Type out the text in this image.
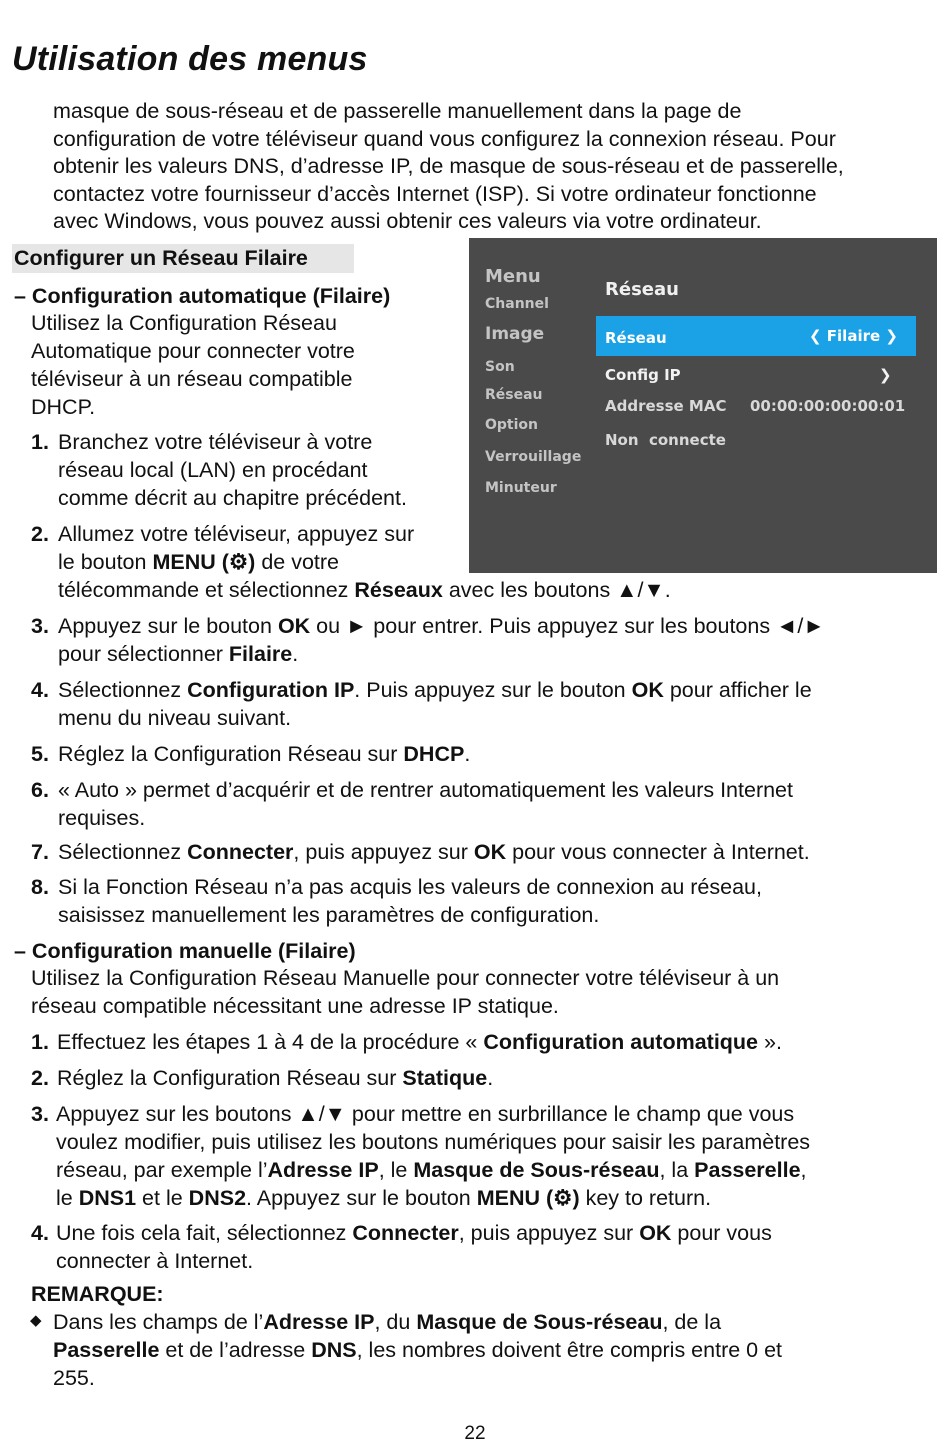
Utilisation des menus

masque de sous-réseau et de passerelle manuellement dans la page de

configuration de votre téléviseur quand vous configurez la connexion réseau. Pour

obtenir les valeurs DNS, d’adresse IP, de masque de sous-réseau et de passerelle,

contactez votre fournisseur d’accès Internet (ISP). Si votre ordinateur fonctionne

avec Windows, vous pouvez aussi obtenir ces valeurs via votre ordinateur.

Configurer un Réseau Filaire
– Configuration automatique (Filaire)
Utilisez la Configuration Réseau
Automatique pour connecter votre
téléviseur à un réseau compatible
DHCP.
1. Branchez votre téléviseur à votre
réseau local (LAN) en procédant
comme décrit au chapitre précédent.
2. Allumez votre téléviseur, appuyez sur
le bouton MENU (⚙) de votre
télécommande et sélectionnez Réseaux avec les boutons ▲/▼.
3. Appuyez sur le bouton OK ou ► pour entrer. Puis appuyez sur les boutons ◄/►
pour sélectionner Filaire.
4. Sélectionnez Configuration IP. Puis appuyez sur le bouton OK pour afficher le
menu du niveau suivant.
5. Réglez la Configuration Réseau sur DHCP.
6. « Auto » permet d’acquérir et de rentrer automatiquement les valeurs Internet
requises.
7. Sélectionnez Connecter, puis appuyez sur OK pour vous connecter à Internet.
8. Si la Fonction Réseau n’a pas acquis les valeurs de connexion au réseau,
saisissez manuellement les paramètres de configuration.
– Configuration manuelle (Filaire)
Utilisez la Configuration Réseau Manuelle pour connecter votre téléviseur à un
réseau compatible nécessitant une adresse IP statique.
1. Effectuez les étapes 1 à 4 de la procédure « Configuration automatique ».
2. Réglez la Configuration Réseau sur Statique.
3. Appuyez sur les boutons ▲/▼ pour mettre en surbrillance le champ que vous
voulez modifier, puis utilisez les boutons numériques pour saisir les paramètres
réseau, par exemple l’Adresse IP, le Masque de Sous-réseau, la Passerelle,
le DNS1 et le DNS2. Appuyez sur le bouton MENU (⚙) key to return.
4. Une fois cela fait, sélectionnez Connecter, puis appuyez sur OK pour vous
connecter à Internet.
REMARQUE:
◆ Dans les champs de l’Adresse IP, du Masque de Sous-réseau, de la
Passerelle et de l’adresse DNS, les nombres doivent être compris entre 0 et
255.
Menu
Channel
Image
Son
Réseau
Option
Verrouillage
Minuteur
Réseau
Réseau	❮ Filaire ❯
Config IP	❯
Addresse MAC 00:00:00:00:00:01
Non  connecte
22
